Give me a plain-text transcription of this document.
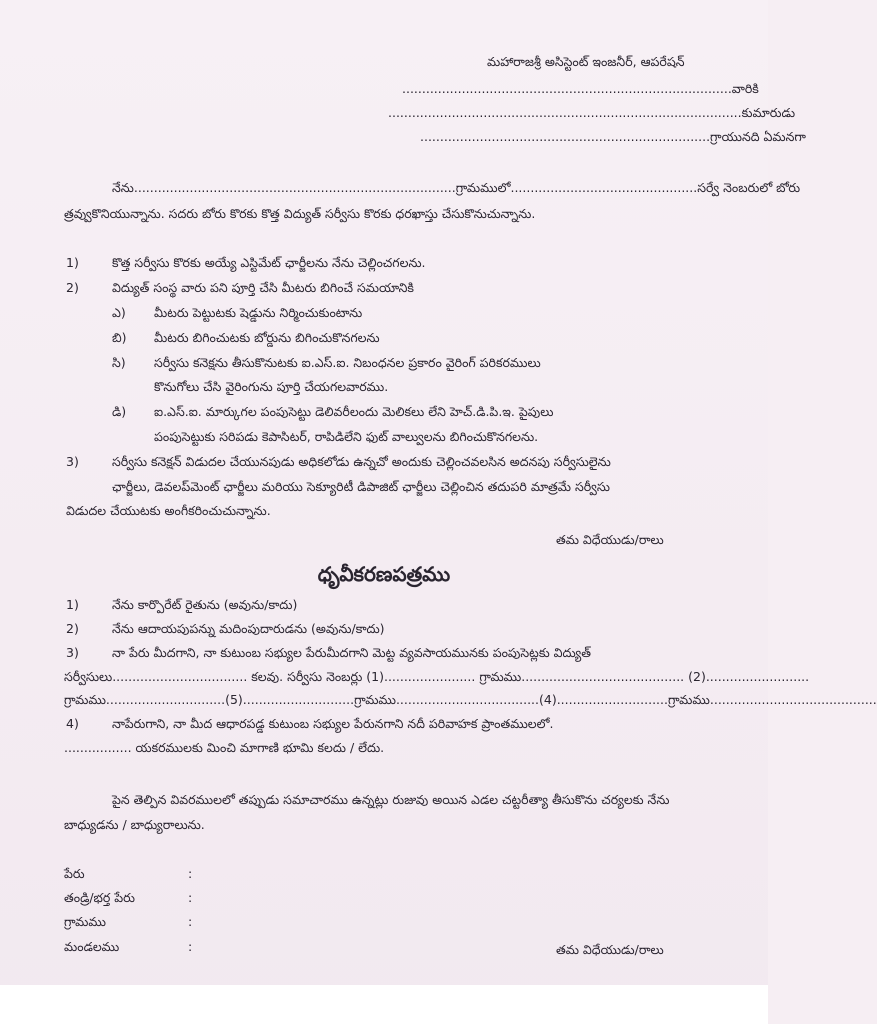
మహారాజశ్రీ అసిస్టెంట్ ఇంజనీర్, ఆపరేషన్
...................................................................................వారికి
.........................................................................................కుమారుడు
.........................................................................గ్రాయునది ఏమనగా
నేను.................................................................................గ్రామములో...............................................సర్వే నెంబరులో బోరు
త్రవ్వుకొనియున్నాను. సదరు బోరు కొరకు కొత్త విద్యుత్ సర్వీసు కొరకు ధరఖాస్తు చేసుకొనుచున్నాను.
1)	కొత్త సర్వీసు కొరకు అయ్యే ఎస్టిమేట్ ఛార్జీలను నేను చెల్లించగలను.
2)	విద్యుత్ సంస్థ వారు పని పూర్తి చేసి మీటరు బిగించే సమయానికి
ఎ) మీటరు పెట్టుటకు షెడ్డును నిర్మించుకుంటాను
బి) మీటరు బిగించుటకు బోర్డును బిగించుకొనగలను
సి) సర్వీసు కనెక్షను తీసుకొనుటకు ఐ.ఎస్.ఐ. నిబంధనల ప్రకారం వైరింగ్ పరికరములు
కొనుగోలు చేసి వైరింగును పూర్తి చేయగలవారము.
డి) ఐ.ఎస్.ఐ. మార్కుగల పంపుసెట్టు డెలివరీలందు మెలికలు లేని హెచ్.డి.పి.ఇ. పైపులు
పంపుసెట్టుకు సరిపడు కెపాసిటర్, రాపిడిలేని ఫుట్ వాల్వులను బిగించుకొనగలను.
3)	సర్వీసు కనెక్షన్ విడుదల చేయునపుడు అధికలోడు ఉన్నచో అందుకు చెల్లించవలసిన అదనపు సర్వీసులైను
ఛార్జీలు, డెవలప్‌మెంట్ ఛార్జీలు మరియు సెక్యూరిటీ డిపాజిట్ ఛార్జీలు చెల్లించిన తదుపరి మాత్రమే సర్వీసు
విడుదల చేయుటకు అంగీకరించుచున్నాను.
తమ విధేయుడు/రాలు
ధృవీకరణపత్రము
1)	నేను కార్పొరేట్ రైతును (అవును/కాదు)
2)	నేను ఆదాయపుపన్ను మదింపుదారుడను (అవును/కాదు)
3)	నా పేరు మీదగాని, నా కుటుంబ సభ్యుల పేరుమీదగాని మెట్ట వ్యవసాయమునకు పంపుసెట్లకు విద్యుత్
సర్వీసులు.................................. కలవు. సర్వీసు నెంబర్లు (1)....................... గ్రామము......................................... (2)..........................
గ్రామము..............................(5)............................గ్రామము....................................(4)............................గ్రామము..........................................
4)	నాపేరుగాని, నా మీద ఆధారపడ్డ కుటుంబ సభ్యుల పేరునగాని నదీ పరివాహక ప్రాంతములలో.
................. యకరములకు మించి మాగాణి భూమి కలదు / లేదు.
పైన తెల్పిన వివరములలో తప్పుడు సమాచారము ఉన్నట్లు రుజువు అయిన ఎడల చట్టరీత్యా తీసుకొను చర్యలకు నేను
బాధ్యుడను / బాధ్యురాలును.
పేరు	:
తండ్రి/భర్త పేరు	:
గ్రామము	:
మండలము	:	తమ విధేయుడు/రాలు
